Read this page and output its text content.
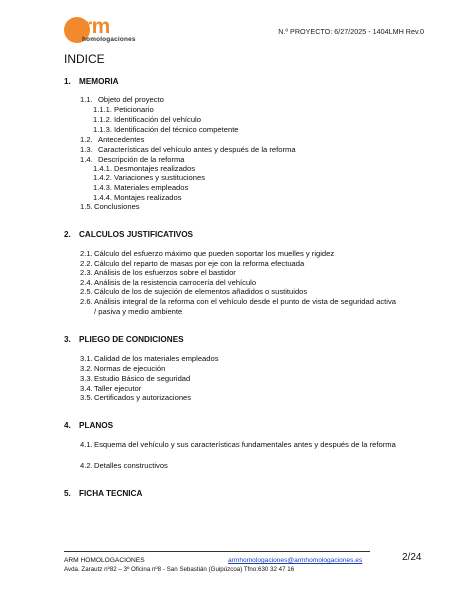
rm
homologaciones
N.º PROYECTO: 6/27/2025 - 1404LMH Rev.0
INDICE
1. MEMORIA
1.1. Objeto del proyecto
1.1.1. Peticionario
1.1.2. Identificación del vehículo
1.1.3. Identificación del técnico competente
1.2. Antecedentes
1.3. Características del vehículo antes y después de la reforma
1.4. Descripción de la reforma
1.4.1. Desmontajes realizados
1.4.2. Variaciones y sustituciones
1.4.3. Materiales empleados
1.4.4. Montajes realizados
1.5.Conclusiones
2. CALCULOS JUSTIFICATIVOS
2.1.Cálculo del esfuerzo máximo que pueden soportar los muelles y rigidez
2.2.Cálculo del reparto de masas por eje con la reforma efectuada
2.3.Análisis de los esfuerzos sobre el bastidor
2.4.Análisis de la resistencia carrocería del vehículo
2.5.Cálculo de los de sujeción de elementos añadidos o sustituidos
2.6. Análisis integral de la reforma con el vehículo desde el punto de vista de seguridad activa / pasiva y medio ambiente
3. PLIEGO DE CONDICIONES
3.1.Calidad de los materiales empleados
3.2.Normas de ejecución
3.3.Estudio Básico de seguridad
3.4.Taller ejecutor
3.5.Certificados y autorizaciones
4. PLANOS
4.1. Esquema del vehículo y sus características fundamentales antes y después de la reforma
4.2.Detalles constructivos
5. FICHA TECNICA
ARM HOMOLOGACIONES	armhomologaciones@armhomologaciones.es
Avda. Zarautz nº82 – 3º Oficina nº8 - San Sebastián (Guipúzcoa) Tfno:630 32 47 16
2/24
